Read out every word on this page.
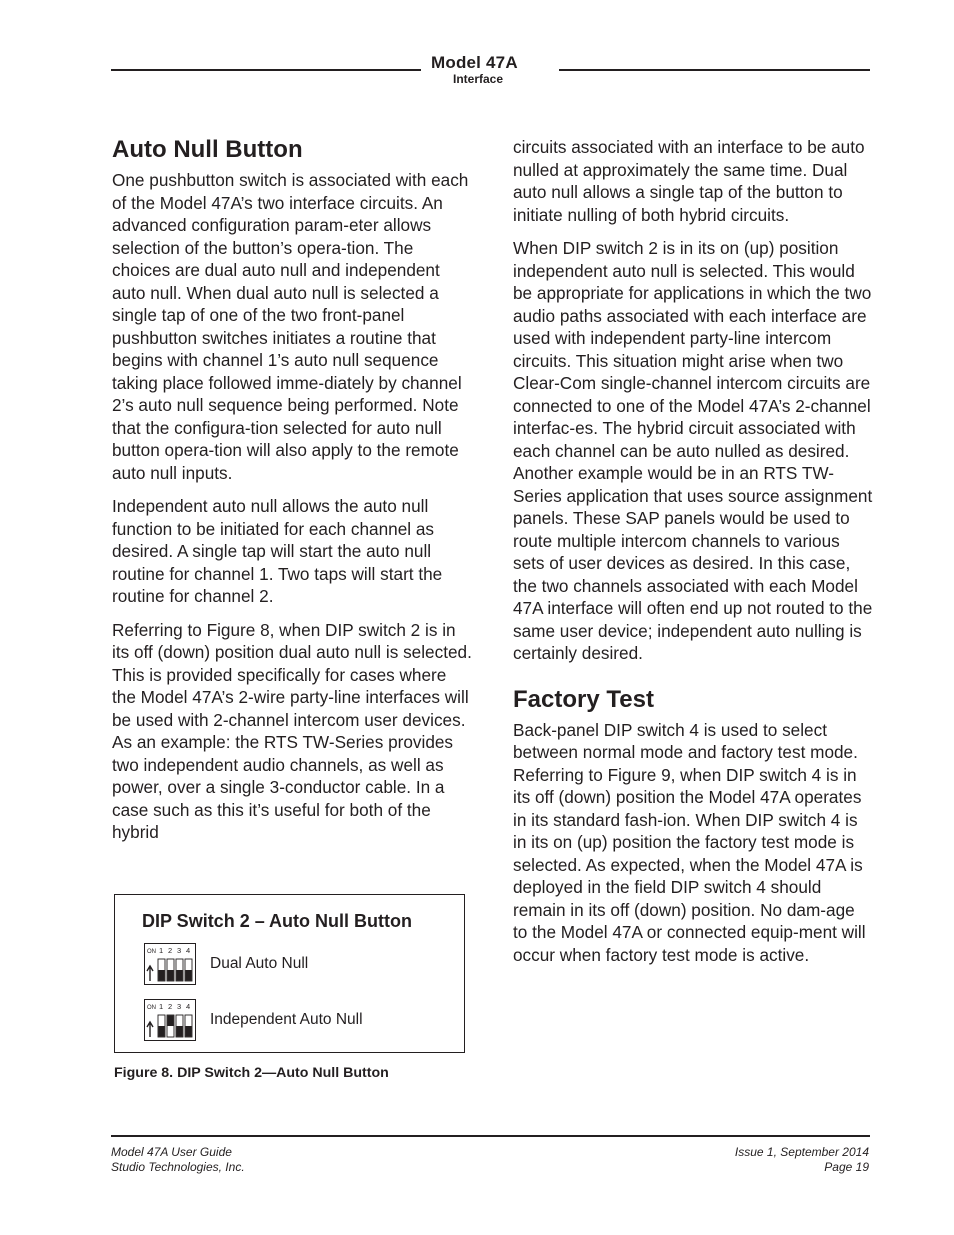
Model 47A
Interface
Auto Null Button

One pushbutton switch is associated with each of the Model 47A’s two interface circuits. An advanced configuration param-eter allows selection of the button’s opera-tion. The choices are dual auto null and independent auto null. When dual auto null is selected a single tap of one of the two front-panel pushbutton switches initiates a routine that begins with channel 1’s auto null sequence taking place followed imme-diately by channel 2’s auto null sequence being performed. Note that the configura-tion selected for auto null button opera-tion will also apply to the remote auto null inputs.

Independent auto null allows the auto null function to be initiated for each channel as desired. A single tap will start the auto null routine for channel 1. Two taps will start the routine for channel 2.

Referring to Figure 8, when DIP switch 2 is in its off (down) position dual auto null is selected. This is provided specifically for cases where the Model 47A’s 2-wire party-line interfaces will be used with 2-channel intercom user devices. As an example: the RTS TW-Series provides two independent audio channels, as well as power, over a single 3-conductor cable. In a case such as this it’s useful for both of the hybrid

circuits associated with an interface to be auto nulled at approximately the same time. Dual auto null allows a single tap of the button to initiate nulling of both hybrid circuits.

When DIP switch 2 is in its on (up) position independent auto null is selected. This would be appropriate for applications in which the two audio paths associated with each interface are used with independent party-line intercom circuits. This situation might arise when two Clear-Com single-channel intercom circuits are connected to one of the Model 47A’s 2-channel interfac-es. The hybrid circuit associated with each channel can be auto nulled as desired. Another example would be in an RTS TW-Series application that uses source assignment panels. These SAP panels would be used to route multiple intercom channels to various sets of user devices as desired. In this case, the two channels associated with each Model 47A interface will often end up not routed to the same user device; independent auto nulling is certainly desired.

Factory Test

Back-panel DIP switch 4 is used to select between normal mode and factory test mode. Referring to Figure 9, when DIP switch 4 is in its off (down) position the Model 47A operates in its standard fash-ion. When DIP switch 4 is in its on (up) position the factory test mode is selected. As expected, when the Model 47A is deployed in the field DIP switch 4 should remain in its off (down) position. No dam-age to the Model 47A or connected equip-ment will occur when factory test mode is active.

DIP Switch 2 – Auto Null Button
ON 1 2 3 4
Dual Auto Null
ON 1 2 3 4
Independent Auto Null
Figure 8. DIP Switch 2—Auto Null Button
Model 47A User Guide
Studio Technologies, Inc.
Issue 1, September 2014
Page 19
